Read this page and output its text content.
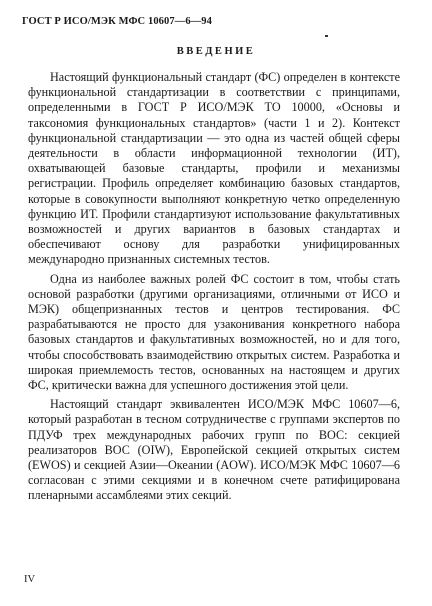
ГОСТ Р ИСО/МЭК МФС 10607—6—94
ВВЕДЕНИЕ

Настоящий функциональный стандарт (ФС) определен в контексте функциональной стандартизации в соответствии с принципами, определенными в ГОСТ Р ИСО/МЭК ТО 10000, «Основы и таксономия функциональных стандартов» (части 1 и 2). Контекст функциональной стандартизации — это одна из частей общей сферы деятельности в области информационной технологии (ИТ), охватывающей базовые стандарты, профили и механизмы регистрации. Профиль определяет комбинацию базовых стандартов, которые в совокупности выполняют конкретную четко определенную функцию ИТ. Профили стандартизуют использование факультативных возможностей и других вариантов в базовых стандартах и обеспечивают основу для разработки унифицированных международно признанных системных тестов.

Одна из наиболее важных ролей ФС состоит в том, чтобы стать основой разработки (другими организациями, отличными от ИСО и МЭК) общепризнанных тестов и центров тестирования. ФС разрабатываются не просто для узаконивания конкретного набора базовых стандартов и факультативных возможностей, но и для того, чтобы способствовать взаимодействию открытых систем. Разработка и широкая приемлемость тестов, основанных на настоящем и других ФС, критически важна для успешного достижения этой цели.

Настоящий стандарт эквивалентен ИСО/МЭК МФС 10607—6, который разработан в тесном сотрудничестве с группами экспертов по ПДУФ трех международных рабочих групп по ВОС: секцией реализаторов ВОС (OIW), Европейской секцией открытых систем (EWOS) и секцией Азии—Океании (AOW). ИСО/МЭК МФС 10607—6 согласован с этими секциями и в конечном счете ратифицирована пленарными ассамблеями этих секций.

IV
